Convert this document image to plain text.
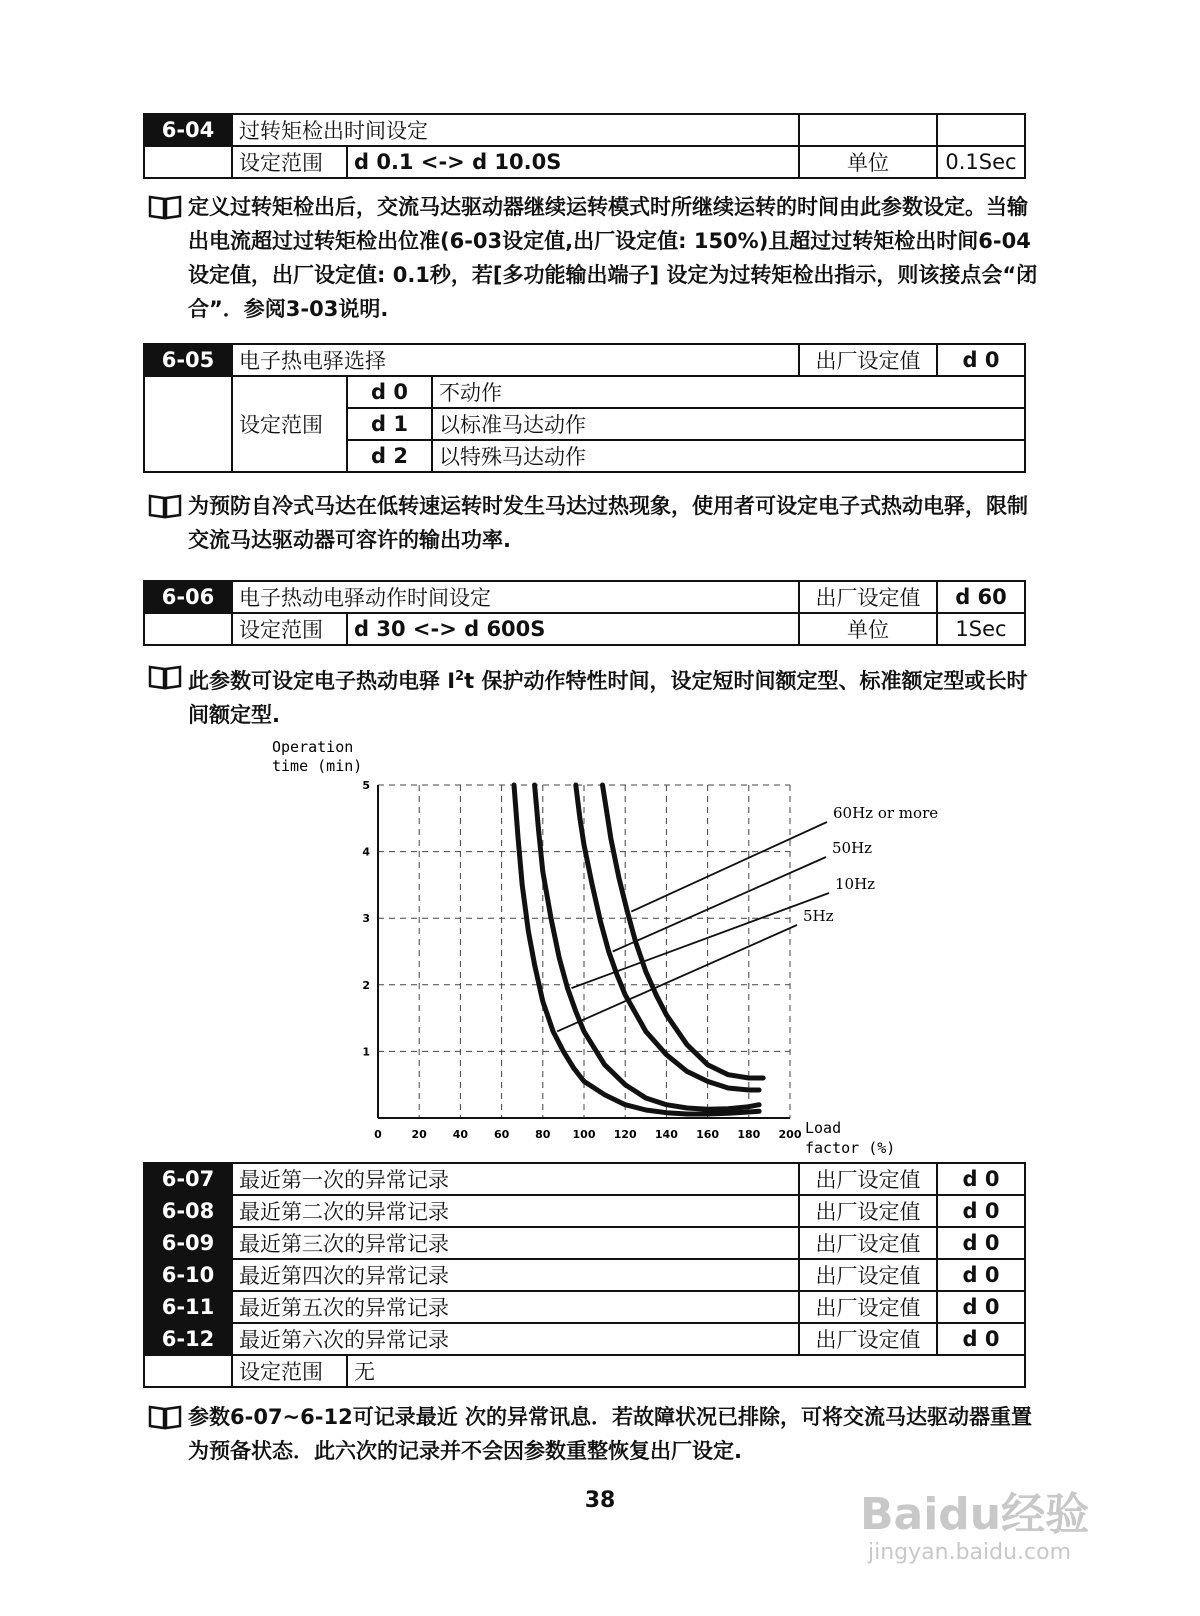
6-04	过转矩检出时间设定			
	设定范围	d 0.1 <-> d 10.0S	单位	0.1Sec
定义过转矩检出后，交流马达驱动器继续运转模式时所继续运转的时间由此参数设定。当输出电流超过过转矩检出位准(6-03设定值,出厂设定值: 150%)且超过过转矩检出时间6-04设定值，出厂设定值: 0.1秒，若[多功能输出端子] 设定为过转矩检出指示，则该接点会“闭合”．参阅3-03说明.
6-05	电子热电驿选择			出厂设定值	d 0
	设定范围	d 0	不动作		
		d 1	以标准马达动作		
		d 2	以特殊马达动作		
为预防自冷式马达在低转速运转时发生马达过热现象，使用者可设定电子式热动电驿，限制交流马达驱动器可容许的输出功率.
6-06	电子热动电驿动作时间设定		出厂设定值	d 60
	设定范围	d 30 <-> d 600S	单位	1Sec
此参数可设定电子热动电驿 $I^2t$ 保护动作特性时间，设定短时间额定型、标准额定型或长时间额定型.
0	20 40 60 80 100 120 140 160 180 200
1
2
3
4
5
5Hz
10Hz
50Hz
60Hz or more
Operation
time (min)
Load
factor (%)
6-07	最近第一次的异常记录		出厂设定值	d 0
6-08	最近第二次的异常记录		出厂设定值	d 0
6-09	最近第三次的异常记录		出厂设定值	d 0
6-10	最近第四次的异常记录		出厂设定值	d 0
6-11	最近第五次的异常记录		出厂设定值	d 0
6-12	最近第六次的异常记录		出厂设定值	d 0
	设定范围	无		
参数6-07~6-12可记录最近 次的异常讯息．若故障状况已排除，可将交流马达驱动器重置为预备状态．此六次的记录并不会因参数重整恢复出厂设定.
38	Baidu经验
jingyan.baidu.com
